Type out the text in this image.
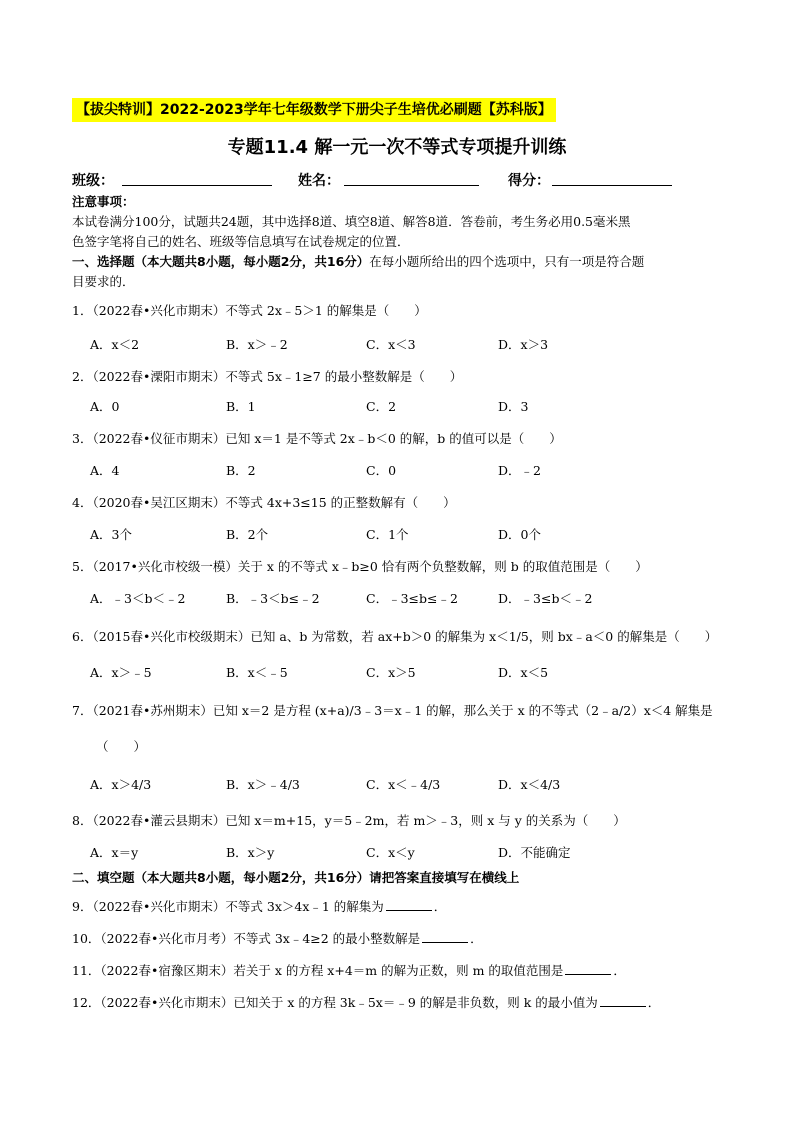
【拔尖特训】2022-2023学年七年级数学下册尖子生培优必刷题【苏科版】
专题11.4 解一元一次不等式专项提升训练
班级：	姓名：	得分：
注意事项：
本试卷满分100分，试题共24题，其中选择8道、填空8道、解答8道．答卷前，考生务必用0.5毫米黑
色签字笔将自己的姓名、班级等信息填写在试卷规定的位置．
一、选择题（本大题共8小题，每小题2分，共16分）在每小题所给出的四个选项中，只有一项是符合题
目要求的．
1．（2022春•兴化市期末）不等式 2x﹣5＞1 的解集是（　　）
A．x＜2	B．x＞﹣2	C．x＜3	D．x＞3
2．（2022春•溧阳市期末）不等式 5x﹣1≥7 的最小整数解是（　　）
A．0	B．1	C．2	D．3
3．（2022春•仪征市期末）已知 x＝1 是不等式 2x﹣b＜0 的解，b 的值可以是（　　）
A．4	B．2	C．0	D．﹣2
4．（2020春•吴江区期末）不等式 4x+3≤15 的正整数解有（　　）
A．3个	B．2个	C．1个	D．0个
5．（2017•兴化市校级一模）关于 x 的不等式 x﹣b≥0 恰有两个负整数解，则 b 的取值范围是（　　）
A．﹣3＜b＜﹣2	B．﹣3＜b≤﹣2	C．﹣3≤b≤﹣2	D．﹣3≤b＜﹣2
6．（2015春•兴化市校级期末）已知 a、b 为常数，若 ax+b＞0 的解集为 x＜1/5，则 bx﹣a＜0 的解集是（　　）
A．x＞﹣5	B．x＜﹣5	C．x＞5	D．x＜5
7．（2021春•苏州期末）已知 x＝2 是方程 (x+a)/3﹣3＝x﹣1 的解，那么关于 x 的不等式（2﹣a/2）x＜4 解集是
（　　）
A．x＞4/3	B．x＞﹣4/3	C．x＜﹣4/3	D．x＜4/3
8．（2022春•灌云县期末）已知 x＝m+15，y＝5﹣2m，若 m＞﹣3，则 x 与 y 的关系为（　　）
A．x＝y	B．x＞y	C．x＜y	D．不能确定
二、填空题（本大题共8小题，每小题2分，共16分）请把答案直接填写在横线上
9．（2022春•兴化市期末）不等式 3x＞4x﹣1 的解集为	．
10．（2022春•兴化市月考）不等式 3x﹣4≥2 的最小整数解是	．
11．（2022春•宿豫区期末）若关于 x 的方程 x+4＝m 的解为正数，则 m 的取值范围是	．
12．（2022春•兴化市期末）已知关于 x 的方程 3k﹣5x＝﹣9 的解是非负数，则 k 的最小值为	．
